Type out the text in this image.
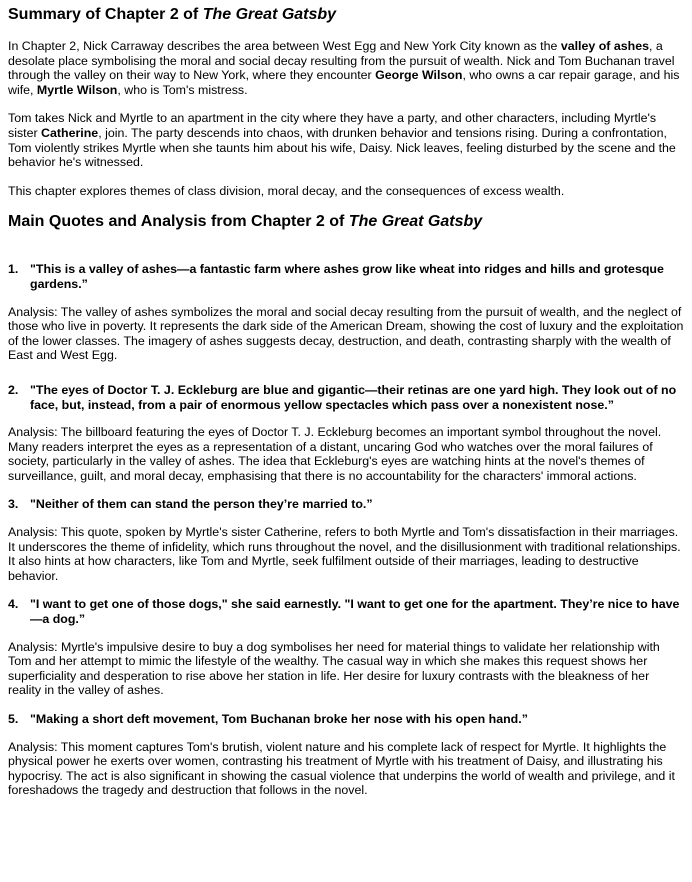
Summary of Chapter 2 of The Great Gatsby

In Chapter 2, Nick Carraway describes the area between West Egg and New York City known as the valley of ashes, a desolate place symbolising the moral and social decay resulting from the pursuit of wealth. Nick and Tom Buchanan travel through the valley on their way to New York, where they encounter George Wilson, who owns a car repair garage, and his wife, Myrtle Wilson, who is Tom's mistress.

Tom takes Nick and Myrtle to an apartment in the city where they have a party, and other characters, including Myrtle's sister Catherine, join. The party descends into chaos, with drunken behavior and tensions rising. During a confrontation, Tom violently strikes Myrtle when she taunts him about his wife, Daisy. Nick leaves, feeling disturbed by the scene and the behavior he's witnessed.

This chapter explores themes of class division, moral decay, and the consequences of excess wealth.

Main Quotes and Analysis from Chapter 2 of The Great Gatsby
1. "This is a valley of ashes—a fantastic farm where ashes grow like wheat into ridges and hills and grotesque gardens.”

Analysis: The valley of ashes symbolizes the moral and social decay resulting from the pursuit of wealth, and the neglect of those who live in poverty. It represents the dark side of the American Dream, showing the cost of luxury and the exploitation of the lower classes. The imagery of ashes suggests decay, destruction, and death, contrasting sharply with the wealth of East and West Egg.

2. "The eyes of Doctor T. J. Eckleburg are blue and gigantic—their retinas are one yard high. They look out of no face, but, instead, from a pair of enormous yellow spectacles which pass over a nonexistent nose.”

Analysis: The billboard featuring the eyes of Doctor T. J. Eckleburg becomes an important symbol throughout the novel. Many readers interpret the eyes as a representation of a distant, uncaring God who watches over the moral failures of society, particularly in the valley of ashes. The idea that Eckleburg's eyes are watching hints at the novel's themes of surveillance, guilt, and moral decay, emphasising that there is no accountability for the characters' immoral actions.

3. "Neither of them can stand the person they’re married to.”

Analysis: This quote, spoken by Myrtle's sister Catherine, refers to both Myrtle and Tom's dissatisfaction in their marriages. It underscores the theme of infidelity, which runs throughout the novel, and the disillusionment with traditional relationships. It also hints at how characters, like Tom and Myrtle, seek fulfilment outside of their marriages, leading to destructive behavior.

4. "I want to get one of those dogs," she said earnestly. "I want to get one for the apartment. They’re nice to have—a dog.”

Analysis: Myrtle's impulsive desire to buy a dog symbolises her need for material things to validate her relationship with Tom and her attempt to mimic the lifestyle of the wealthy. The casual way in which she makes this request shows her superficiality and desperation to rise above her station in life. Her desire for luxury contrasts with the bleakness of her reality in the valley of ashes.

5. "Making a short deft movement, Tom Buchanan broke her nose with his open hand.”

Analysis: This moment captures Tom's brutish, violent nature and his complete lack of respect for Myrtle. It highlights the physical power he exerts over women, contrasting his treatment of Myrtle with his treatment of Daisy, and illustrating his hypocrisy. The act is also significant in showing the casual violence that underpins the world of wealth and privilege, and it foreshadows the tragedy and destruction that follows in the novel.
